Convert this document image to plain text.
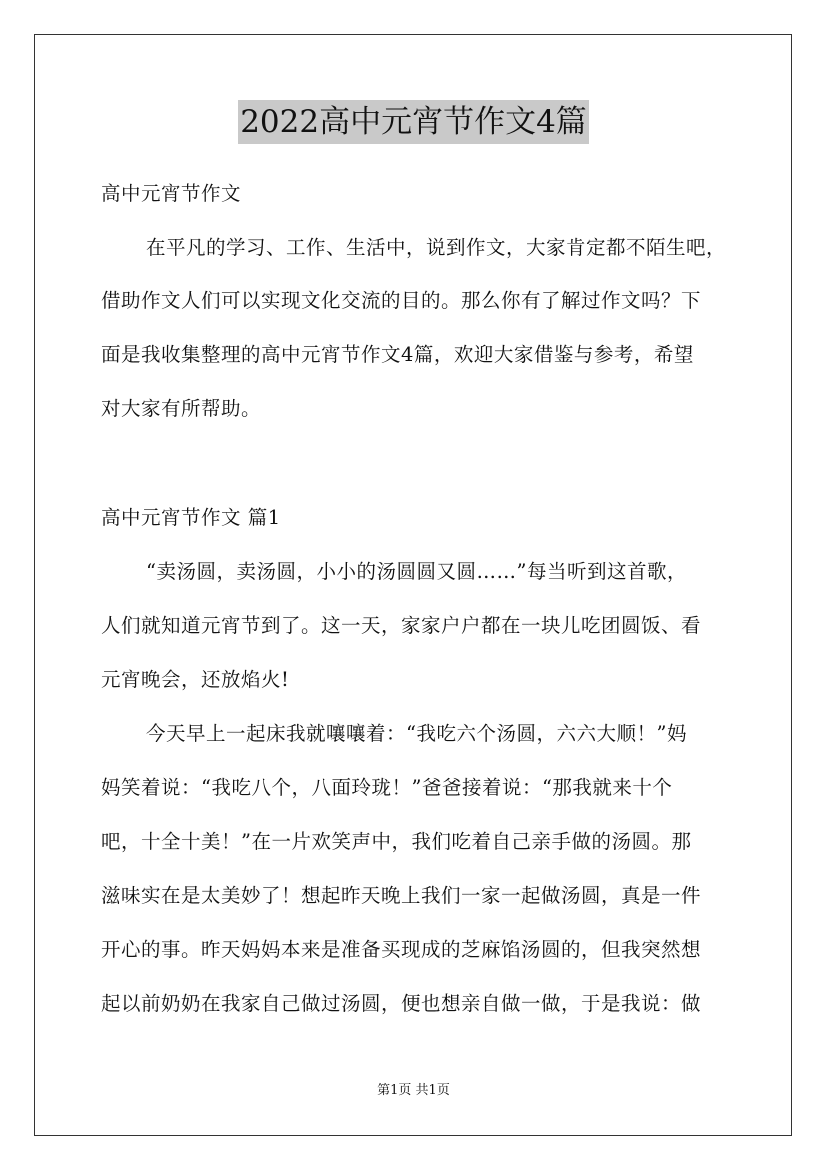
2022高中元宵节作文4篇
高中元宵节作文
在平凡的学习、工作、生活中，说到作文，大家肯定都不陌生吧，
借助作文人们可以实现文化交流的目的。那么你有了解过作文吗？下
面是我收集整理的高中元宵节作文4篇，欢迎大家借鉴与参考，希望
对大家有所帮助。
高中元宵节作文 篇1
“卖汤圆，卖汤圆，小小的汤圆圆又圆……”每当听到这首歌，
人们就知道元宵节到了。这一天，家家户户都在一块儿吃团圆饭、看
元宵晚会，还放焰火!
今天早上一起床我就嚷嚷着：“我吃六个汤圆，六六大顺！”妈
妈笑着说：“我吃八个，八面玲珑！”爸爸接着说：“那我就来十个
吧，十全十美！”在一片欢笑声中，我们吃着自己亲手做的汤圆。那
滋味实在是太美妙了！想起昨天晚上我们一家一起做汤圆，真是一件
开心的事。昨天妈妈本来是准备买现成的芝麻馅汤圆的，但我突然想
起以前奶奶在我家自己做过汤圆，便也想亲自做一做，于是我说：做
第1页 共1页
